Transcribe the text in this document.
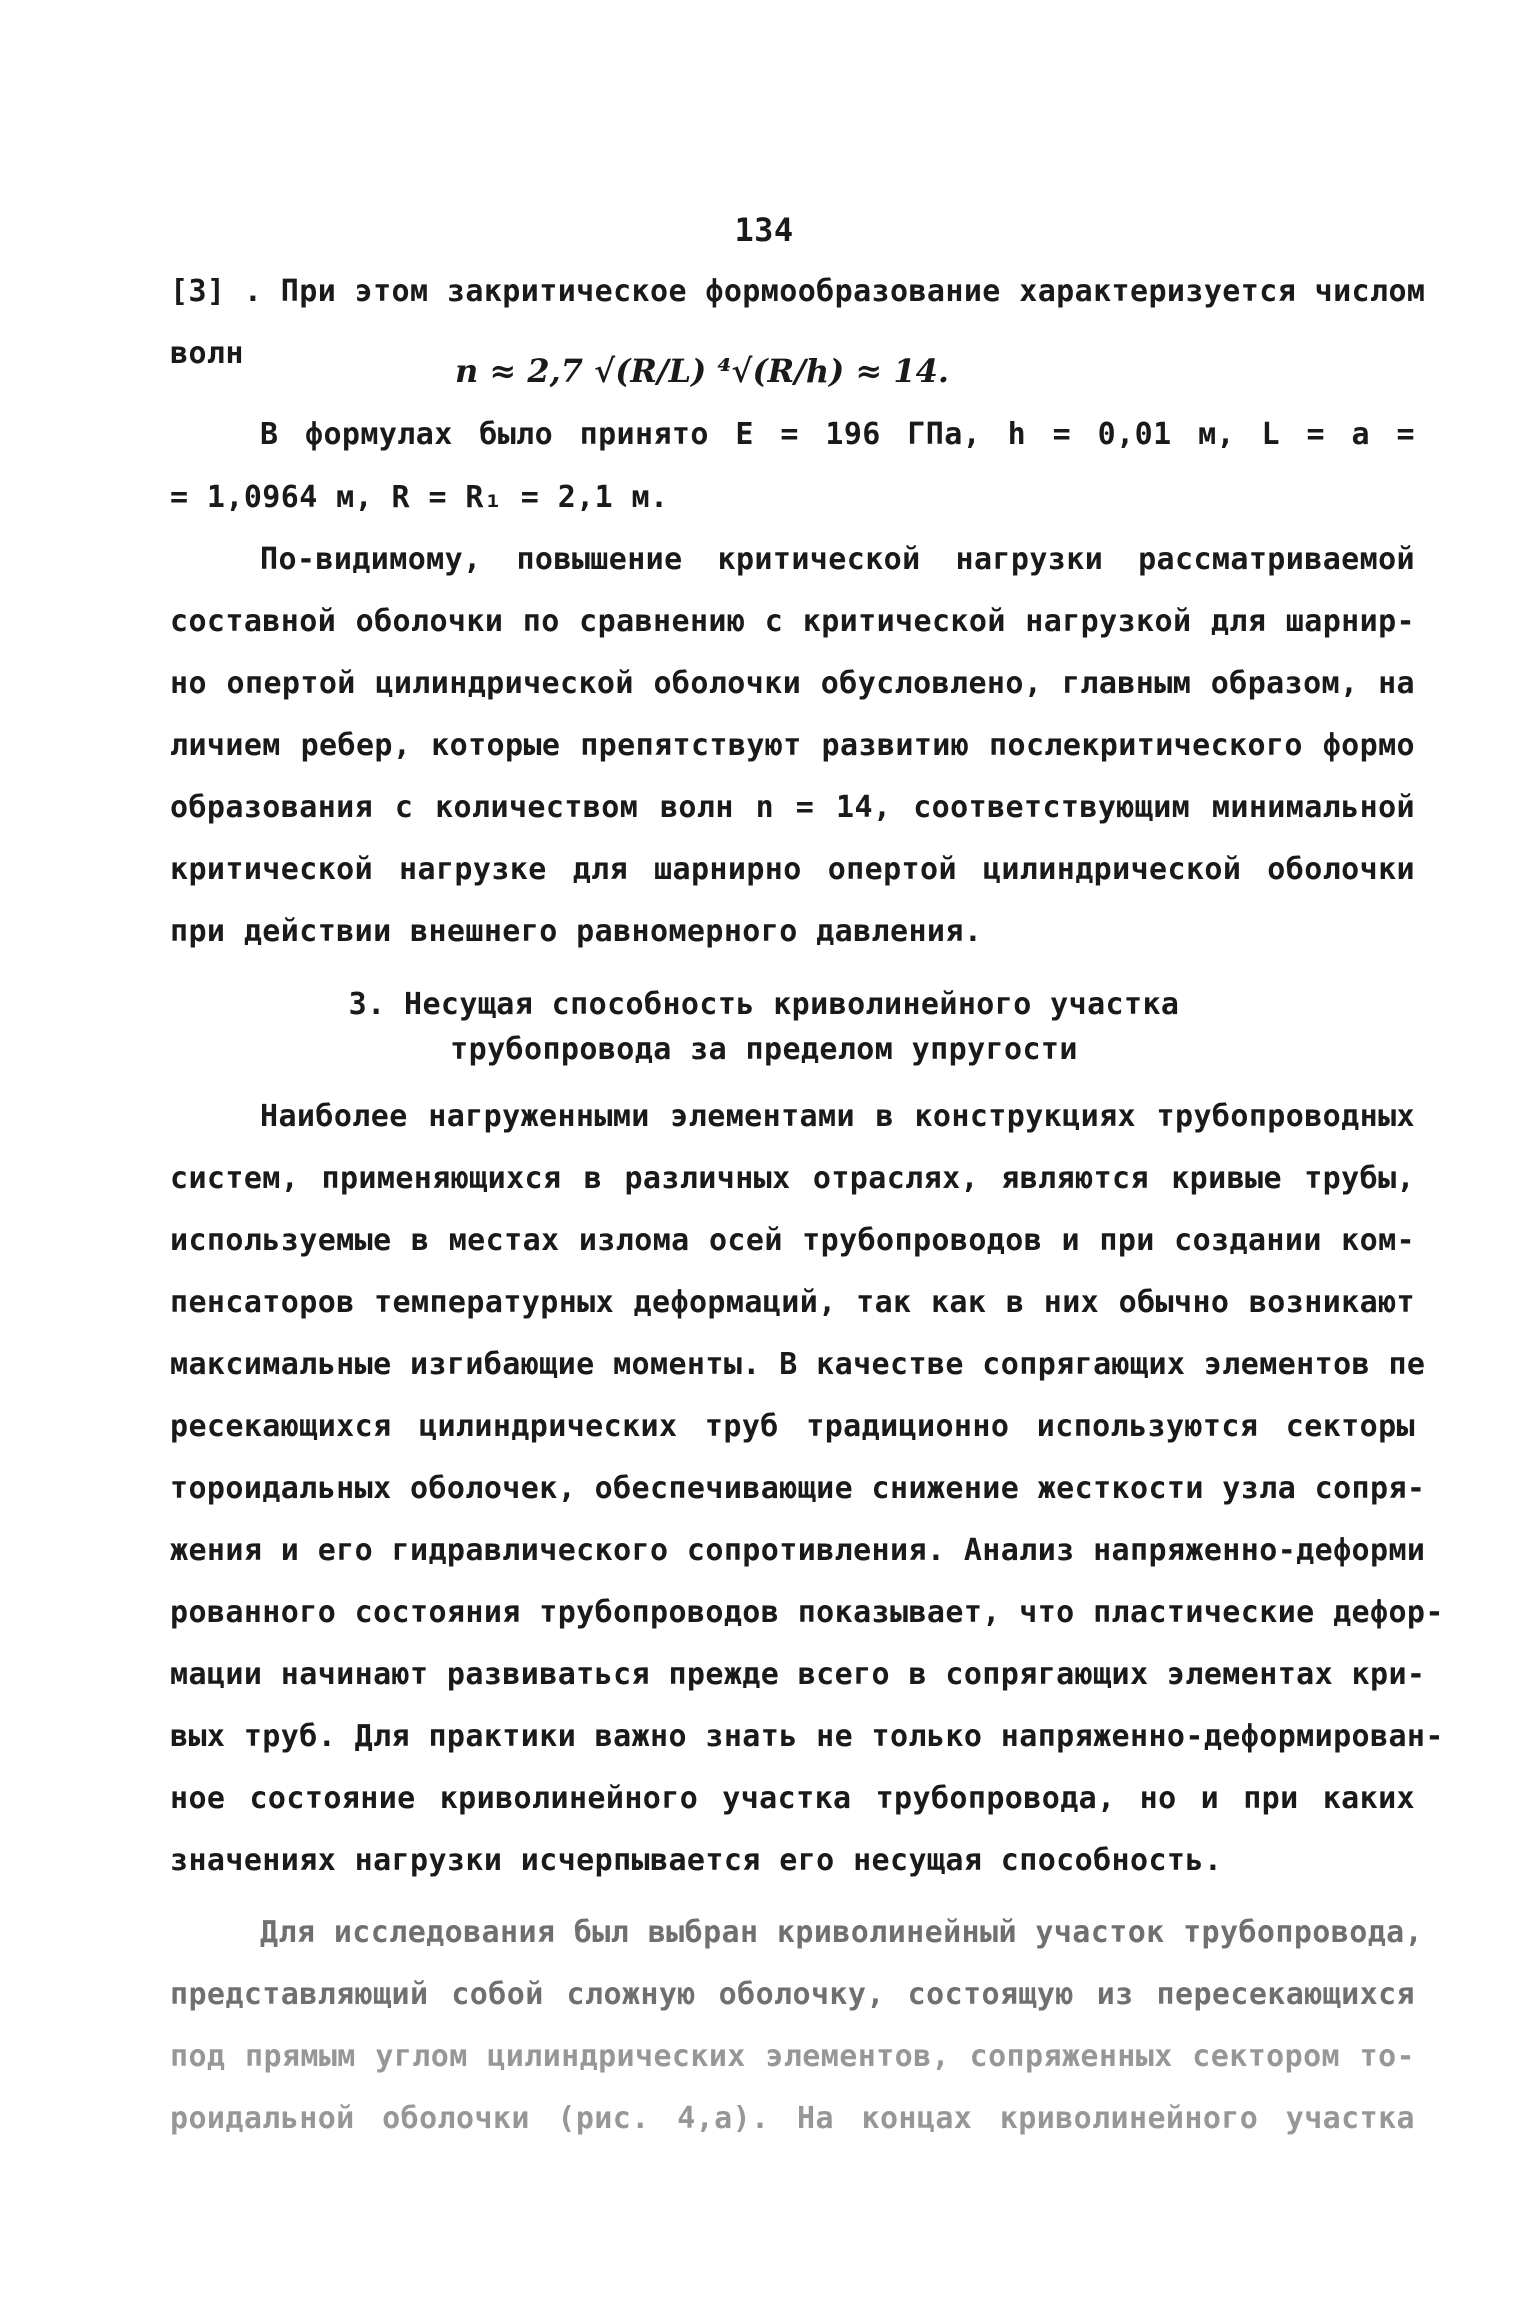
134
[3] . При этом закритическое формообразование характеризуется числом
волн	n ≈ 2,7 √(R/L) ⁴√(R/h) ≈ 14.
В формулах было принято E = 196 ГПа, h = 0,01 м, L = a =
= 1,0964 м, R = R₁ = 2,1 м.
По-видимому, повышение критической нагрузки рассматриваемой
составной оболочки по сравнению с критической нагрузкой для шарнир-
но опертой цилиндрической оболочки обусловлено, главным образом, на
личием ребер, которые препятствуют развитию послекритического формо
образования с количеством волн n = 14, соответствующим минимальной
критической нагрузке для шарнирно опертой цилиндрической оболочки
при действии внешнего равномерного давления.
3. Несущая способность криволинейного участка
трубопровода за пределом упругости
Наиболее нагруженными элементами в конструкциях трубопроводных
систем, применяющихся в различных отраслях, являются кривые трубы,
используемые в местах излома осей трубопроводов и при создании ком-
пенсаторов температурных деформаций, так как в них обычно возникают
максимальные изгибающие моменты. В качестве сопрягающих элементов пе
ресекающихся цилиндрических труб традиционно используются секторы
тороидальных оболочек, обеспечивающие снижение жесткости узла сопря-
жения и его гидравлического сопротивления. Анализ напряженно-деформи
рованного состояния трубопроводов показывает, что пластические дефор-
мации начинают развиваться прежде всего в сопрягающих элементах кри-
вых труб. Для практики важно знать не только напряженно-деформирован-
ное состояние криволинейного участка трубопровода, но и при каких
значениях нагрузки исчерпывается его несущая способность.
Для исследования был выбран криволинейный участок трубопровода,
представляющий собой сложную оболочку, состоящую из пересекающихся
под прямым углом цилиндрических элементов, сопряженных сектором то-
роидальной оболочки (рис. 4,а). На концах криволинейного участка
